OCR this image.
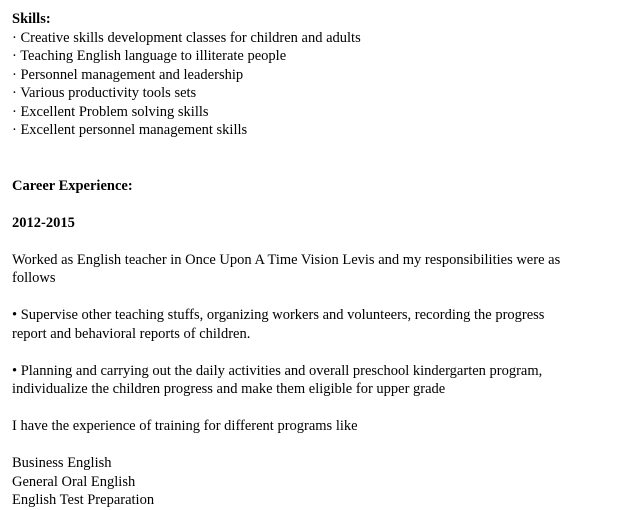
Skills:

· Creative skills development classes for children and adults
· Teaching English language to illiterate people
· Personnel management and leadership
· Various productivity tools sets
· Excellent Problem solving skills
· Excellent personnel management skills

Career Experience:

2012-2015

Worked as English teacher in Once Upon A Time Vision Levis and my responsibilities were as follows

• Supervise other teaching stuffs, organizing workers and volunteers, recording the progress report and behavioral reports of children.

• Planning and carrying out the daily activities and overall preschool kindergarten program, individualize the children progress and make them eligible for upper grade

I have the experience of training for different programs like

Business English
General Oral English
English Test Preparation
